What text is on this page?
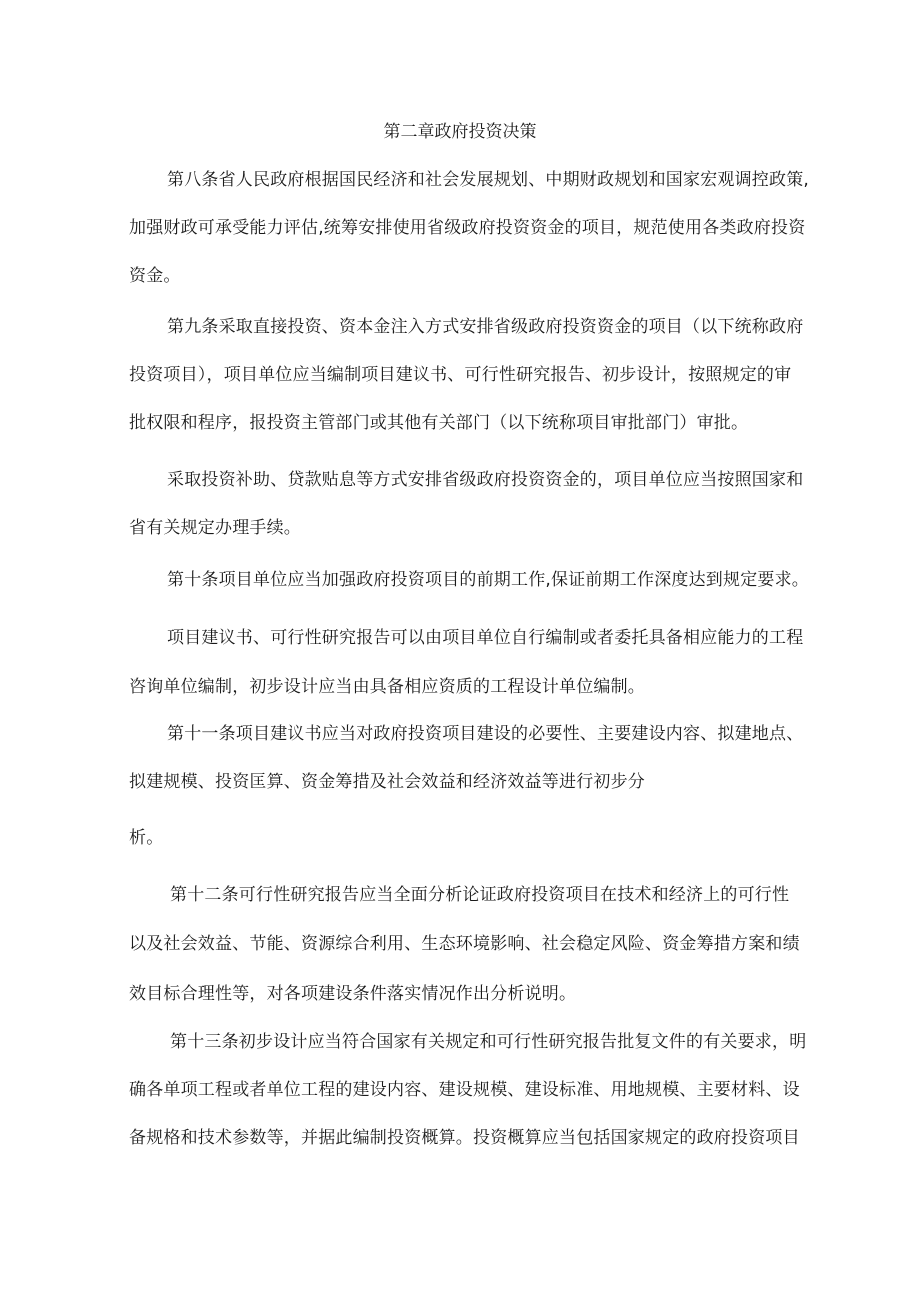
第二章政府投资决策
第八条省人民政府根据国民经济和社会发展规划、中期财政规划和国家宏观调控政策,
加强财政可承受能力评估,统筹安排使用省级政府投资资金的项目，规范使用各类政府投资
资金。
第九条采取直接投资、资本金注入方式安排省级政府投资资金的项目（以下统称政府
投资项目），项目单位应当编制项目建议书、可行性研究报告、初步设计，按照规定的审
批权限和程序，报投资主管部门或其他有关部门（以下统称项目审批部门）审批。
采取投资补助、贷款贴息等方式安排省级政府投资资金的，项目单位应当按照国家和
省有关规定办理手续。
第十条项目单位应当加强政府投资项目的前期工作,保证前期工作深度达到规定要求。
项目建议书、可行性研究报告可以由项目单位自行编制或者委托具备相应能力的工程
咨询单位编制，初步设计应当由具备相应资质的工程设计单位编制。
第十一条项目建议书应当对政府投资项目建设的必要性、主要建设内容、拟建地点、
拟建规模、投资匡算、资金筹措及社会效益和经济效益等进行初步分
析。
第十二条可行性研究报告应当全面分析论证政府投资项目在技术和经济上的可行性
以及社会效益、节能、资源综合利用、生态环境影响、社会稳定风险、资金筹措方案和绩
效目标合理性等，对各项建设条件落实情况作出分析说明。
第十三条初步设计应当符合国家有关规定和可行性研究报告批复文件的有关要求，明
确各单项工程或者单位工程的建设内容、建设规模、建设标准、用地规模、主要材料、设
备规格和技术参数等，并据此编制投资概算。投资概算应当包括国家规定的政府投资项目
